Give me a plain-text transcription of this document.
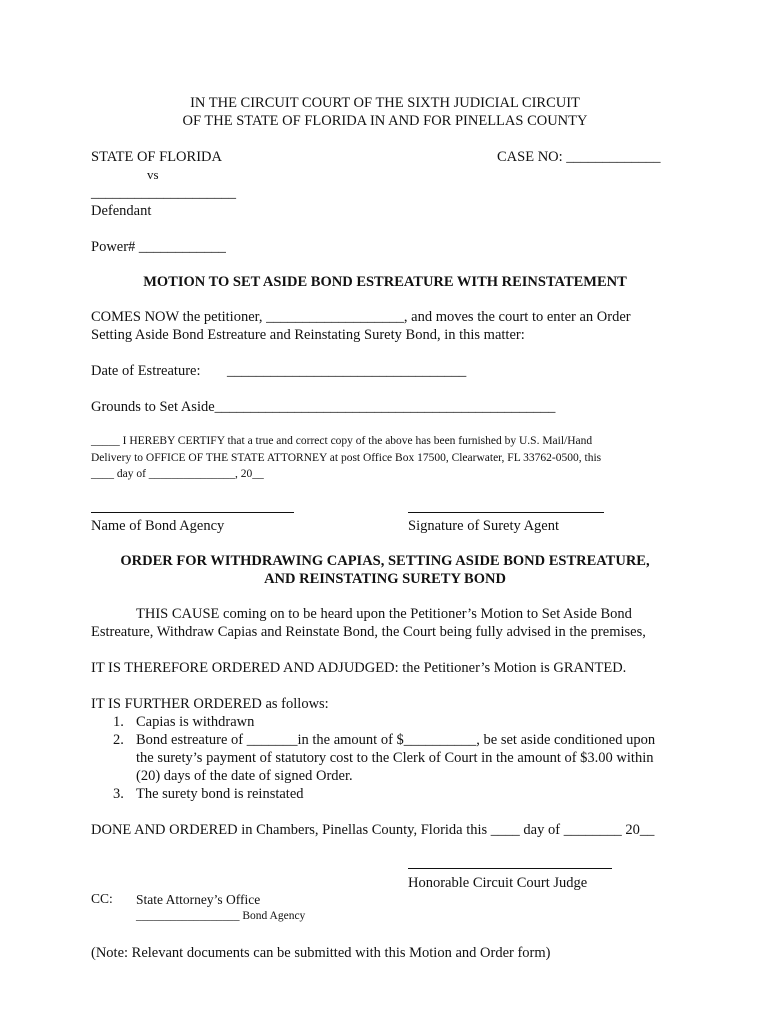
IN THE CIRCUIT COURT OF THE SIXTH JUDICIAL CIRCUIT
OF THE STATE OF FLORIDA IN AND FOR PINELLAS COUNTY
STATE OF FLORIDA	CASE NO: _____________
vs
____________________
Defendant
Power# ____________
MOTION TO SET ASIDE BOND ESTREATURE WITH REINSTATEMENT
COMES NOW the petitioner, ___________________, and moves the court to enter an Order
Setting Aside Bond Estreature and Reinstating Surety Bond, in this matter:
Date of Estreature: _________________________________
Grounds to Set Aside_______________________________________________
_____ I HEREBY CERTIFY that a true and correct copy of the above has been furnished by U.S. Mail/Hand
Delivery to OFFICE OF THE STATE ATTORNEY at post Office Box 17500, Clearwater, FL 33762-0500, this
____ day of _______________, 20__
Name of Bond Agency	Signature of Surety Agent
ORDER FOR WITHDRAWING CAPIAS, SETTING ASIDE BOND ESTREATURE,
AND REINSTATING SURETY BOND
THIS CAUSE coming on to be heard upon the Petitioner’s Motion to Set Aside Bond
Estreature, Withdraw Capias and Reinstate Bond, the Court being fully advised in the premises,
IT IS THEREFORE ORDERED AND ADJUDGED: the Petitioner’s Motion is GRANTED.
IT IS FURTHER ORDERED as follows:
1. Capias is withdrawn
2. Bond estreature of _______in the amount of $__________, be set aside conditioned upon
the surety’s payment of statutory cost to the Clerk of Court in the amount of $3.00 within
(20) days of the date of signed Order.
3. The surety bond is reinstated
DONE AND ORDERED in Chambers, Pinellas County, Florida this ____ day of ________ 20__
Honorable Circuit Court Judge
CC: State Attorney’s Office
__________________ Bond Agency
(Note: Relevant documents can be submitted with this Motion and Order form)
